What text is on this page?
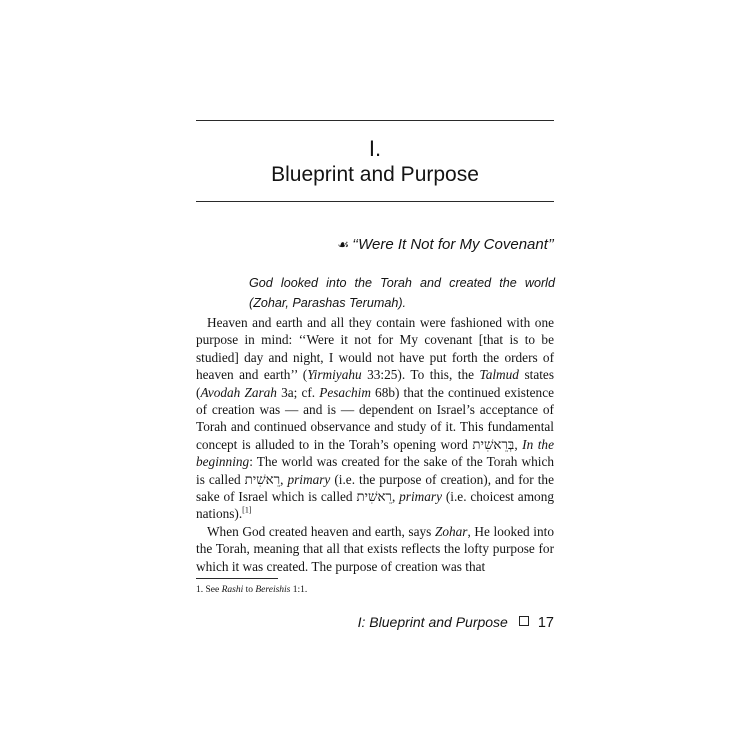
I.
Blueprint and Purpose
☙ ‘‘Were It Not for My Covenant’’

God looked into the Torah and created the world (Zohar, Parashas Terumah).

Heaven and earth and all they contain were fashioned with one purpose in mind: ‘‘Were it not for My covenant [that is to be studied] day and night, I would not have put forth the orders of heaven and earth’’ (Yirmiyahu 33:25). To this, the Talmud states (Avodah Zarah 3a; cf. Pesachim 68b) that the continued existence of creation was — and is — dependent on Israel’s acceptance of Torah and continued observance and study of it. This fundamental concept is alluded to in the Torah’s opening word בְּרֵאשִׁית, In the beginning: The world was created for the sake of the Torah which is called רֵאשִׁית, primary (i.e. the purpose of creation), and for the sake of Israel which is called רֵאשִׁית, primary (i.e. choicest among nations).[1]

When God created heaven and earth, says Zohar, He looked into the Torah, meaning that all that exists reflects the lofty purpose for which it was created. The purpose of creation was that

1. See Rashi to Bereishis 1:1.
I: Blueprint and Purpose 17
